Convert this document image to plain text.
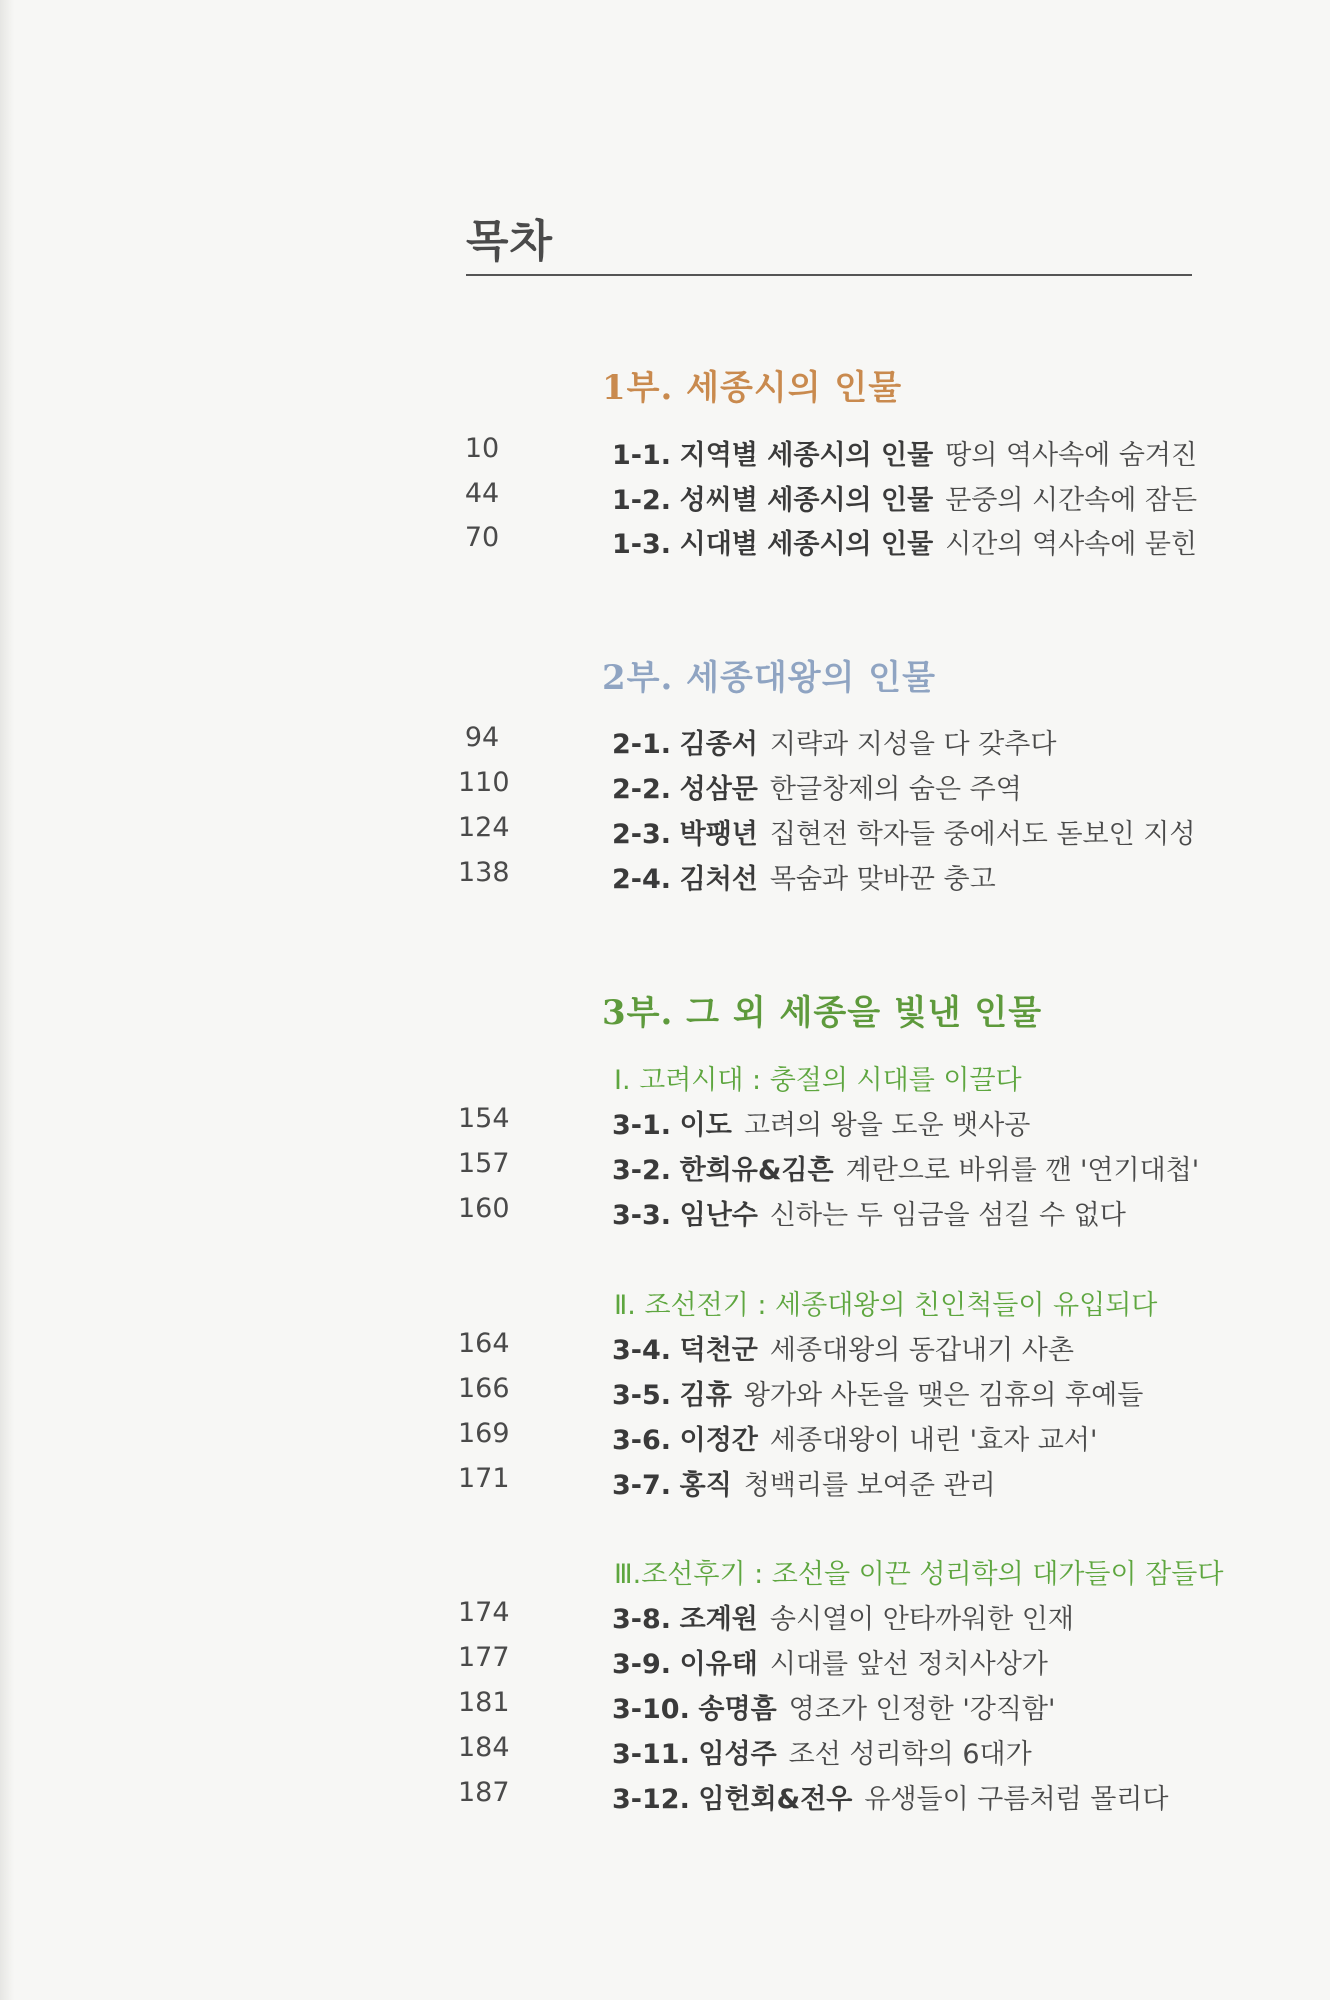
목차
1부. 세종시의 인물
10	1-1. 지역별 세종시의 인물 땅의 역사속에 숨겨진
44	1-2. 성씨별 세종시의 인물 문중의 시간속에 잠든
70	1-3. 시대별 세종시의 인물 시간의 역사속에 묻힌
2부. 세종대왕의 인물
94	2-1. 김종서 지략과 지성을 다 갖추다
110	2-2. 성삼문 한글창제의 숨은 주역
124	2-3. 박팽년 집현전 학자들 중에서도 돋보인 지성
138	2-4. 김처선 목숨과 맞바꾼 충고
3부. 그 외 세종을 빛낸 인물
Ⅰ. 고려시대 : 충절의 시대를 이끌다
154	3-1. 이도 고려의 왕을 도운 뱃사공
157	3-2. 한희유&김흔 계란으로 바위를 깬 '연기대첩'
160	3-3. 임난수 신하는 두 임금을 섬길 수 없다
Ⅱ. 조선전기 : 세종대왕의 친인척들이 유입되다
164	3-4. 덕천군 세종대왕의 동갑내기 사촌
166	3-5. 김휴 왕가와 사돈을 맺은 김휴의 후예들
169	3-6. 이정간 세종대왕이 내린 '효자 교서'
171	3-7. 홍직 청백리를 보여준 관리
Ⅲ.조선후기 : 조선을 이끈 성리학의 대가들이 잠들다
174	3-8. 조계원 송시열이 안타까워한 인재
177	3-9. 이유태 시대를 앞선 정치사상가
181	3-10. 송명흠 영조가 인정한 '강직함'
184	3-11. 임성주 조선 성리학의 6대가
187	3-12. 임헌회&전우 유생들이 구름처럼 몰리다
